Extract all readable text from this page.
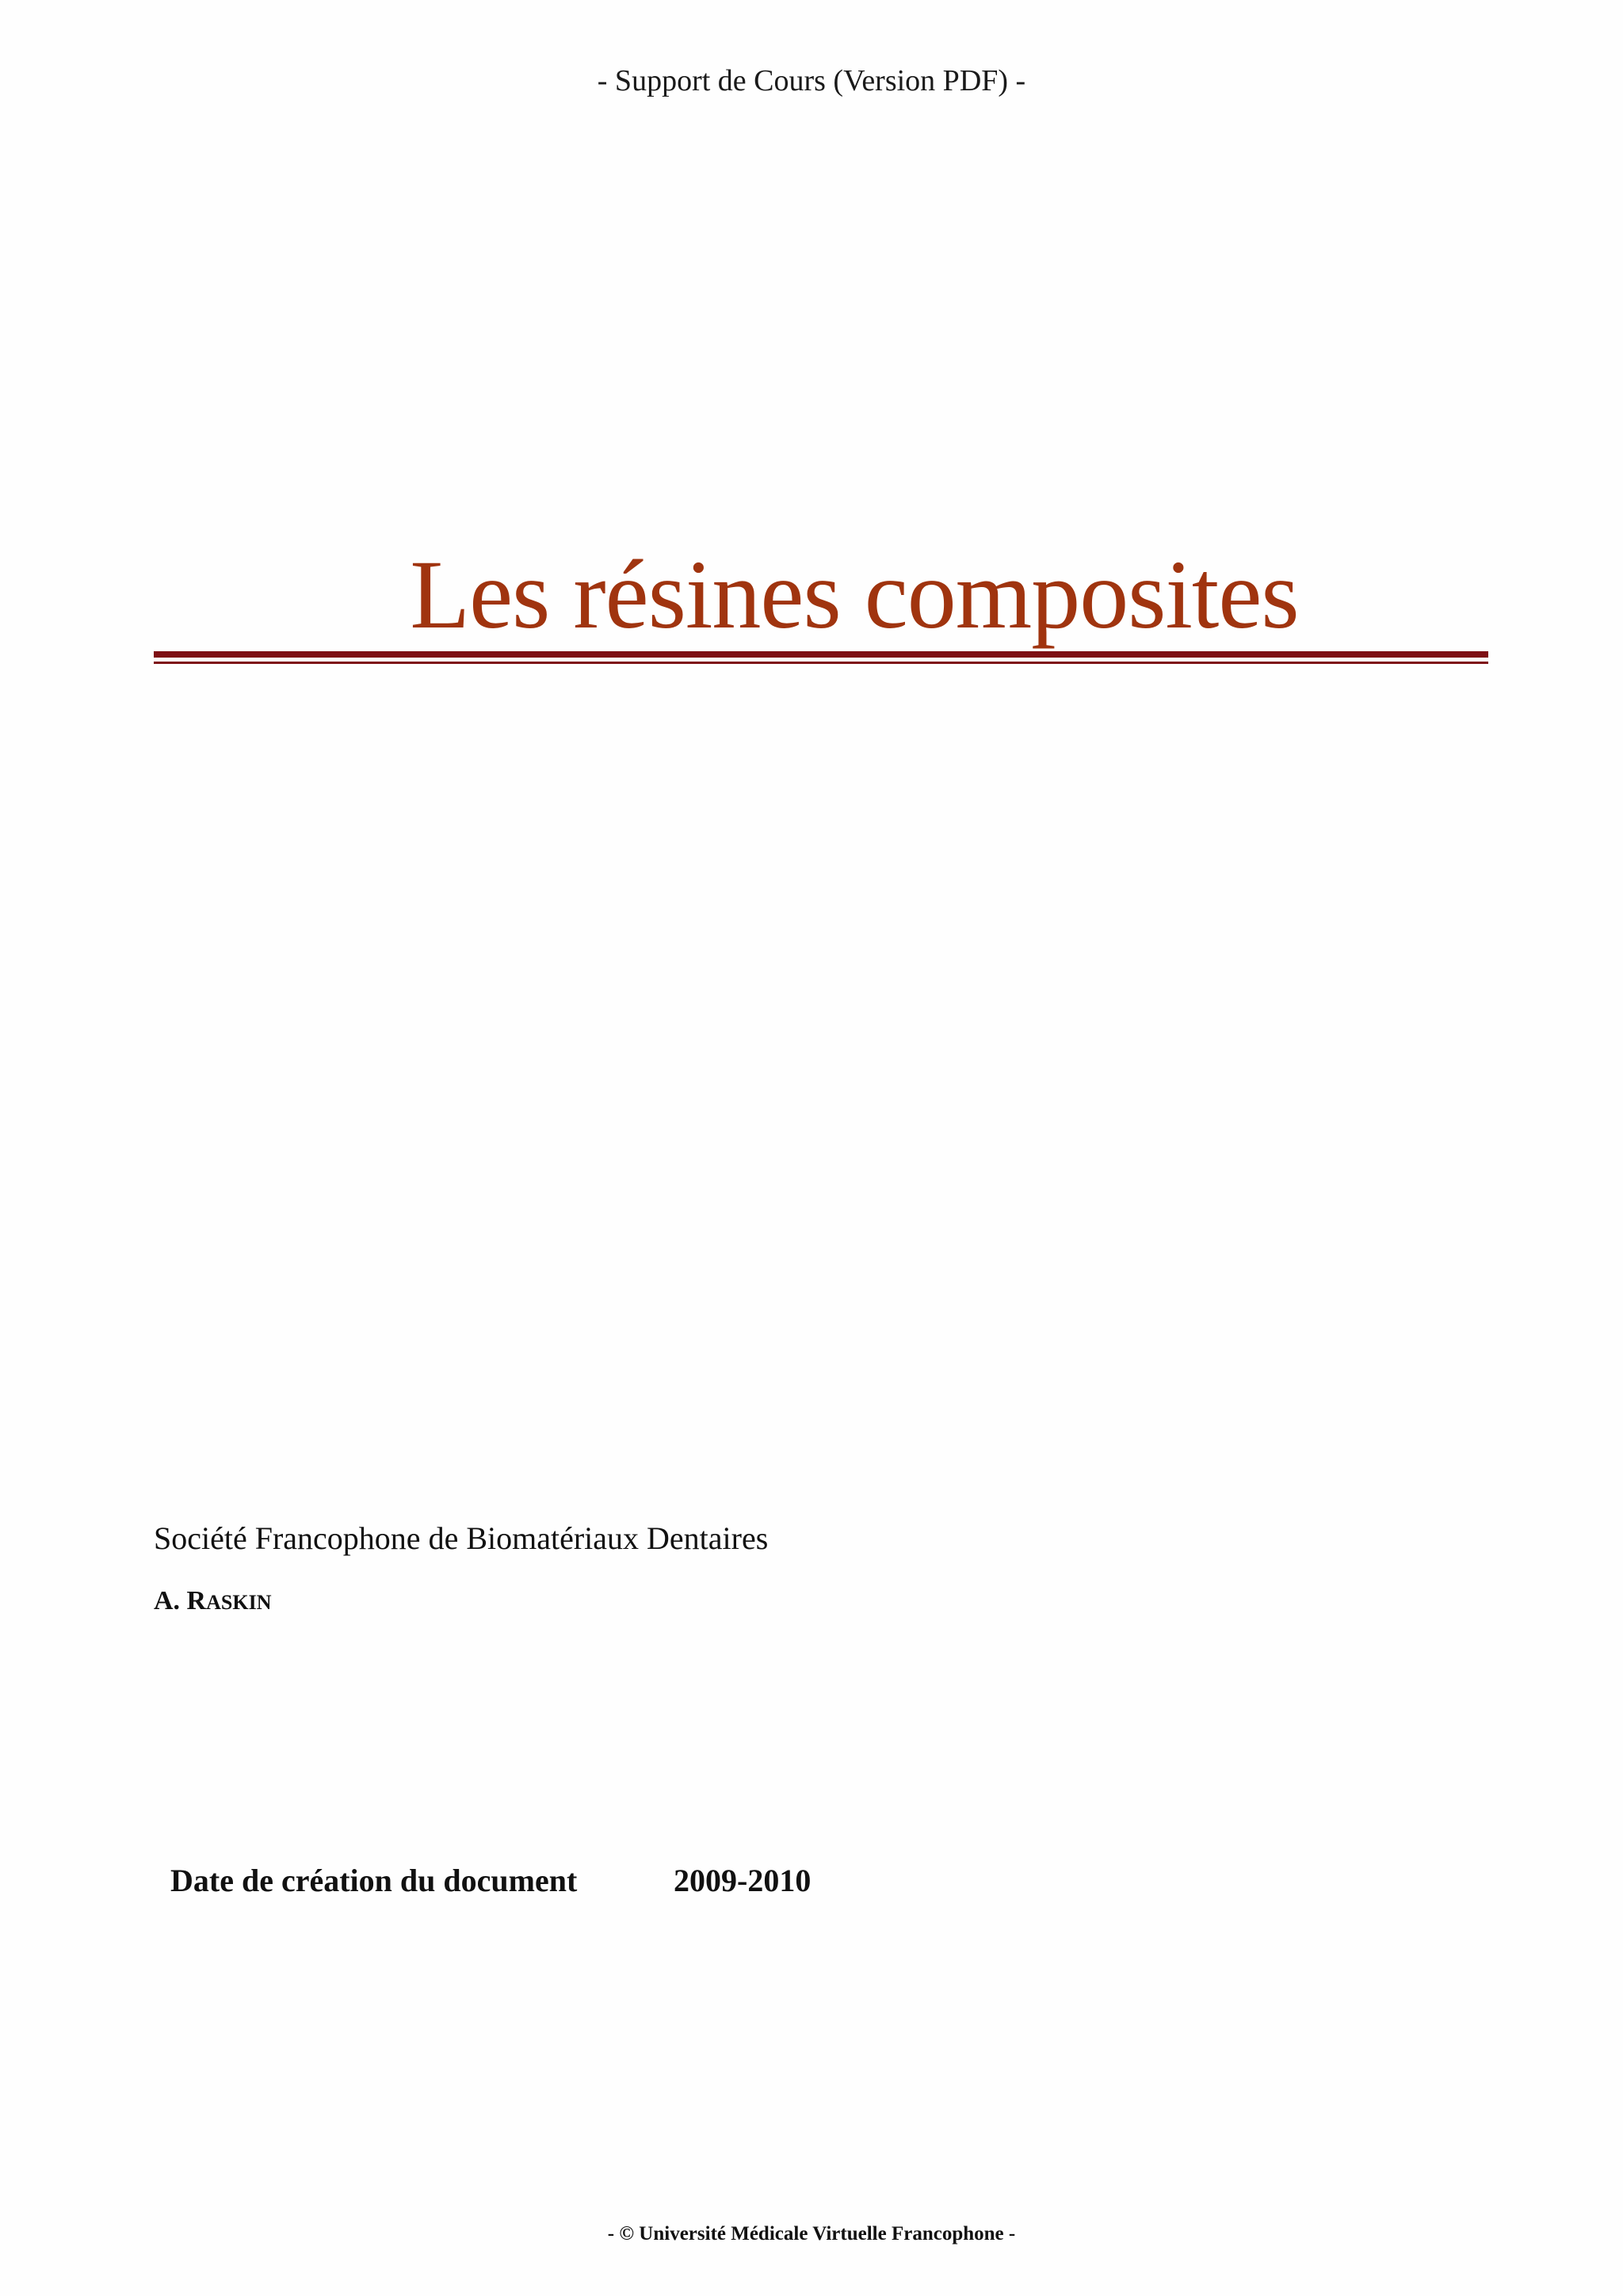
- Support de Cours (Version PDF) -
Les résines composites
Société Francophone de Biomatériaux Dentaires
A. RASKIN
Date de création du document	2009-2010
- © Université Médicale Virtuelle Francophone -
